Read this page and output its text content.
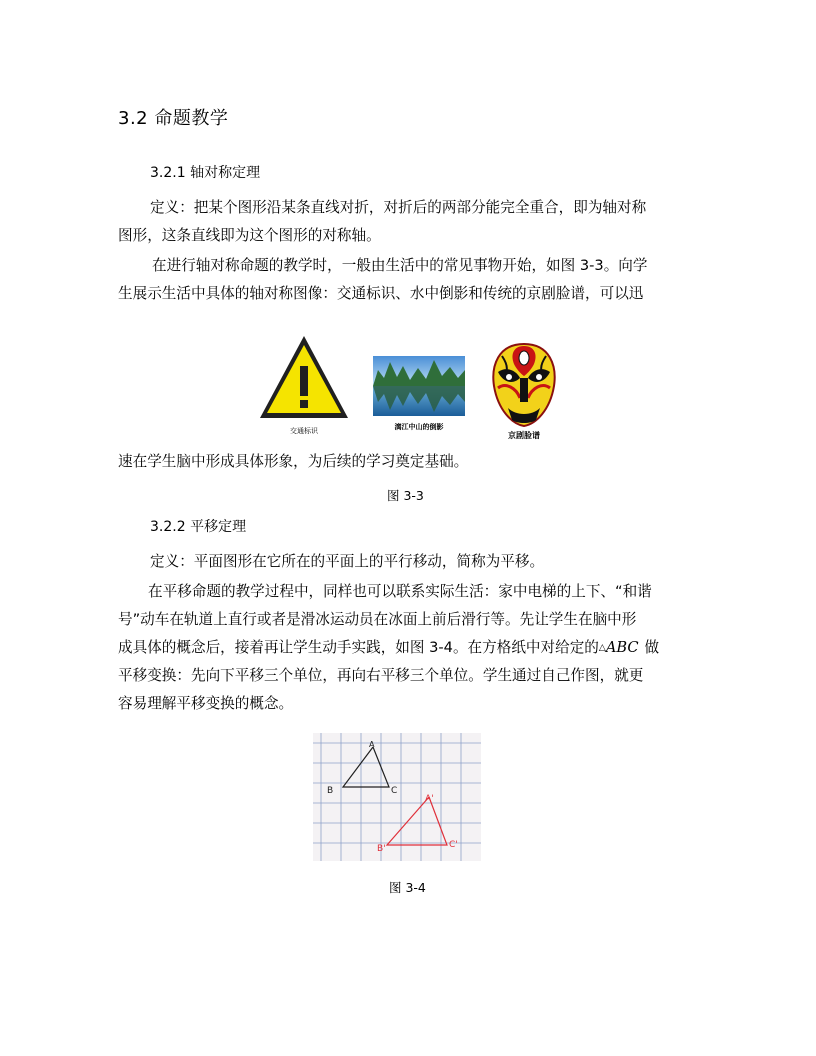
3.2 命题教学
3.2.1 轴对称定理
定义：把某个图形沿某条直线对折，对折后的两部分能完全重合，即为轴对称
图形，这条直线即为这个图形的对称轴。
在进行轴对称命题的教学时，一般由生活中的常见事物开始，如图 3-3。向学
生展示生活中具体的轴对称图像：交通标识、水中倒影和传统的京剧脸谱，可以迅
交通标识	漓江中山的倒影
京剧脸谱
速在学生脑中形成具体形象，为后续的学习奠定基础。
图 3-3
3.2.2 平移定理
定义：平面图形在它所在的平面上的平行移动，简称为平移。
在平移命题的教学过程中，同样也可以联系实际生活：家中电梯的上下、“和谐
号”动车在轨道上直行或者是滑冰运动员在冰面上前后滑行等。先让学生在脑中形
成具体的概念后，接着再让学生动手实践，如图 3-4。在方格纸中对给定的△ABC 做
平移变换：先向下平移三个单位，再向右平移三个单位。学生通过自己作图，就更
容易理解平移变换的概念。
A
B	C
A'
B'	C'
图 3-4
